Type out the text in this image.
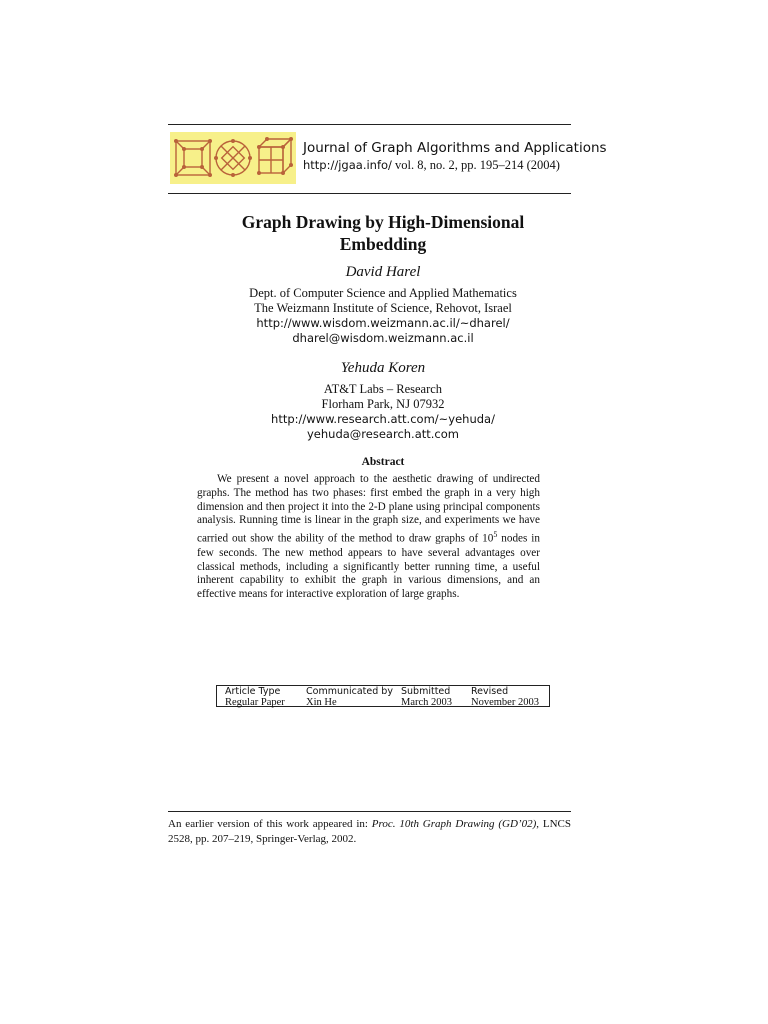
Journal of Graph Algorithms and Applications
http://jgaa.info/ vol. 8, no. 2, pp. 195–214 (2004)
Graph Drawing by High-Dimensional
Embedding
David Harel
Dept. of Computer Science and Applied Mathematics
The Weizmann Institute of Science, Rehovot, Israel
http://www.wisdom.weizmann.ac.il/~dharel/
dharel@wisdom.weizmann.ac.il
Yehuda Koren
AT&T Labs – Research
Florham Park, NJ 07932
http://www.research.att.com/~yehuda/
yehuda@research.att.com
Abstract
We present a novel approach to the aesthetic drawing of undirected graphs. The method has two phases: first embed the graph in a very high dimension and then project it into the 2-D plane using principal components analysis. Running time is linear in the graph size, and experiments we have carried out show the ability of the method to draw graphs of $10^5$ nodes in few seconds. The new method appears to have several advantages over classical methods, including a significantly better running time, a useful inherent capability to exhibit the graph in various dimensions, and an effective means for interactive exploration of large graphs.
Article Type
Regular Paper
Communicated by
Xin He
Submitted
March 2003
Revised
November 2003
An earlier version of this work appeared in: Proc. 10th Graph Drawing (GD’02), LNCS 2528, pp. 207–219, Springer-Verlag, 2002.
